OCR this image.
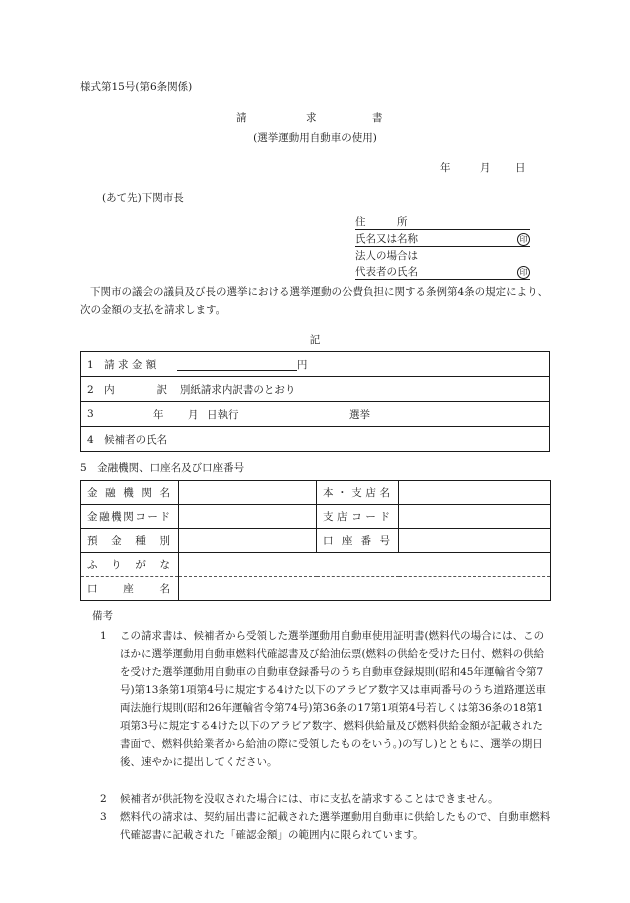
様式第15号(第6条関係)
請	求	書
(選挙運動用自動車の使用)
年	月 日
(あて先)下関市長
住　　　所
氏名又は名称	印
法人の場合は
代表者の氏名	印
下関市の議会の議員及び長の選挙における選挙運動の公費負担に関する条例第4条の規定により、次の金額の支払を請求します。
記
1　請 求 金 額	円
2　内　　　　訳 別紙請求内訳書のとおり
3	年 月 日執行	選挙

4　候補者の氏名
5　金融機関、口座名及び口座番号
金融機関名		本・支店名	
金融機関コード		支店コード	
預金種別		口座番号	
ふりがな			
口座名			
備考
1 この請求書は、候補者から受領した選挙運動用自動車使用証明書(燃料代の場合には、このほかに選挙運動用自動車燃料代確認書及び給油伝票(燃料の供給を受けた日付、燃料の供給を受けた選挙運動用自動車の自動車登録番号のうち自動車登録規則(昭和45年運輸省令第7号)第13条第1項第4号に規定する4けた以下のアラビア数字又は車両番号のうち道路運送車両法施行規則(昭和26年運輸省令第74号)第36条の17第1項第4号若しくは第36条の18第1項第3号に規定する4けた以下のアラビア数字、燃料供給量及び燃料供給金額が記載された書面で、燃料供給業者から給油の際に受領したものをいう。)の写し)とともに、選挙の期日後、速やかに提出してください。
2 候補者が供託物を没収された場合には、市に支払を請求することはできません。
3 燃料代の請求は、契約届出書に記載された選挙運動用自動車に供給したもので、自動車燃料代確認書に記載された「確認金額」の範囲内に限られています。
